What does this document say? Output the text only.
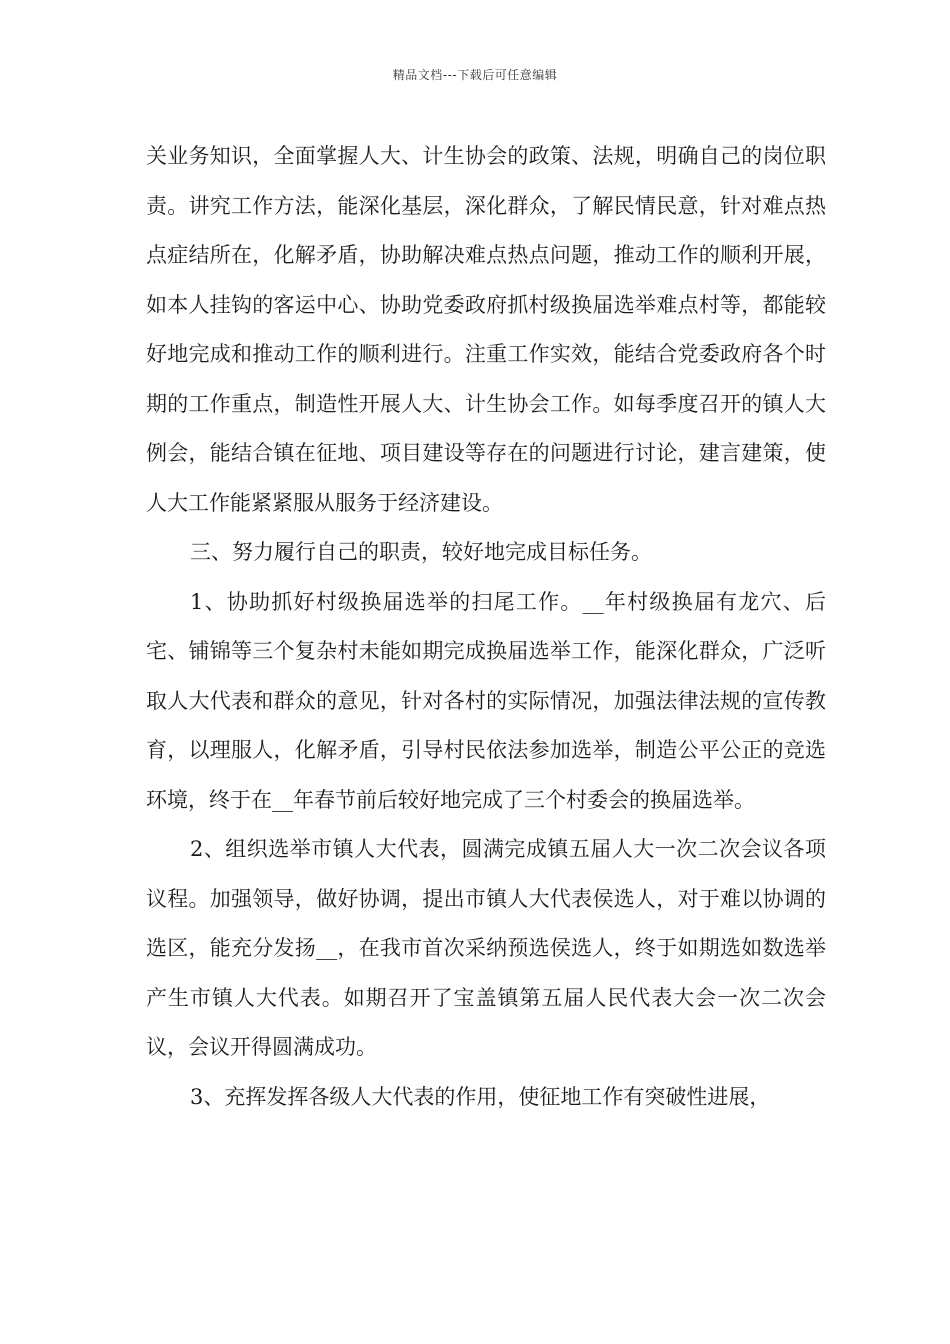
精品文档---下载后可任意编辑

关业务知识，全面掌握人大、计生协会的政策、法规，明确自己的岗位职责。讲究工作方法，能深化基层，深化群众，了解民情民意，针对难点热点症结所在，化解矛盾，协助解决难点热点问题，推动工作的顺利开展，如本人挂钩的客运中心、协助党委政府抓村级换届选举难点村等，都能较好地完成和推动工作的顺利进行。注重工作实效，能结合党委政府各个时期的工作重点，制造性开展人大、计生协会工作。如每季度召开的镇人大例会，能结合镇在征地、项目建设等存在的问题进行讨论，建言建策，使人大工作能紧紧服从服务于经济建设。

三、努力履行自己的职责，较好地完成目标任务。

1、协助抓好村级换届选举的扫尾工作。__年村级换届有龙穴、后宅、铺锦等三个复杂村未能如期完成换届选举工作，能深化群众，广泛听取人大代表和群众的意见，针对各村的实际情况，加强法律法规的宣传教育，以理服人，化解矛盾，引导村民依法参加选举，制造公平公正的竞选环境，终于在__年春节前后较好地完成了三个村委会的换届选举。

2、组织选举市镇人大代表，圆满完成镇五届人大一次二次会议各项议程。加强领导，做好协调，提出市镇人大代表侯选人，对于难以协调的选区，能充分发扬__，在我市首次采纳预选侯选人，终于如期选如数选举产生市镇人大代表。如期召开了宝盖镇第五届人民代表大会一次二次会议，会议开得圆满成功。

3、充挥发挥各级人大代表的作用，使征地工作有突破性进展，
